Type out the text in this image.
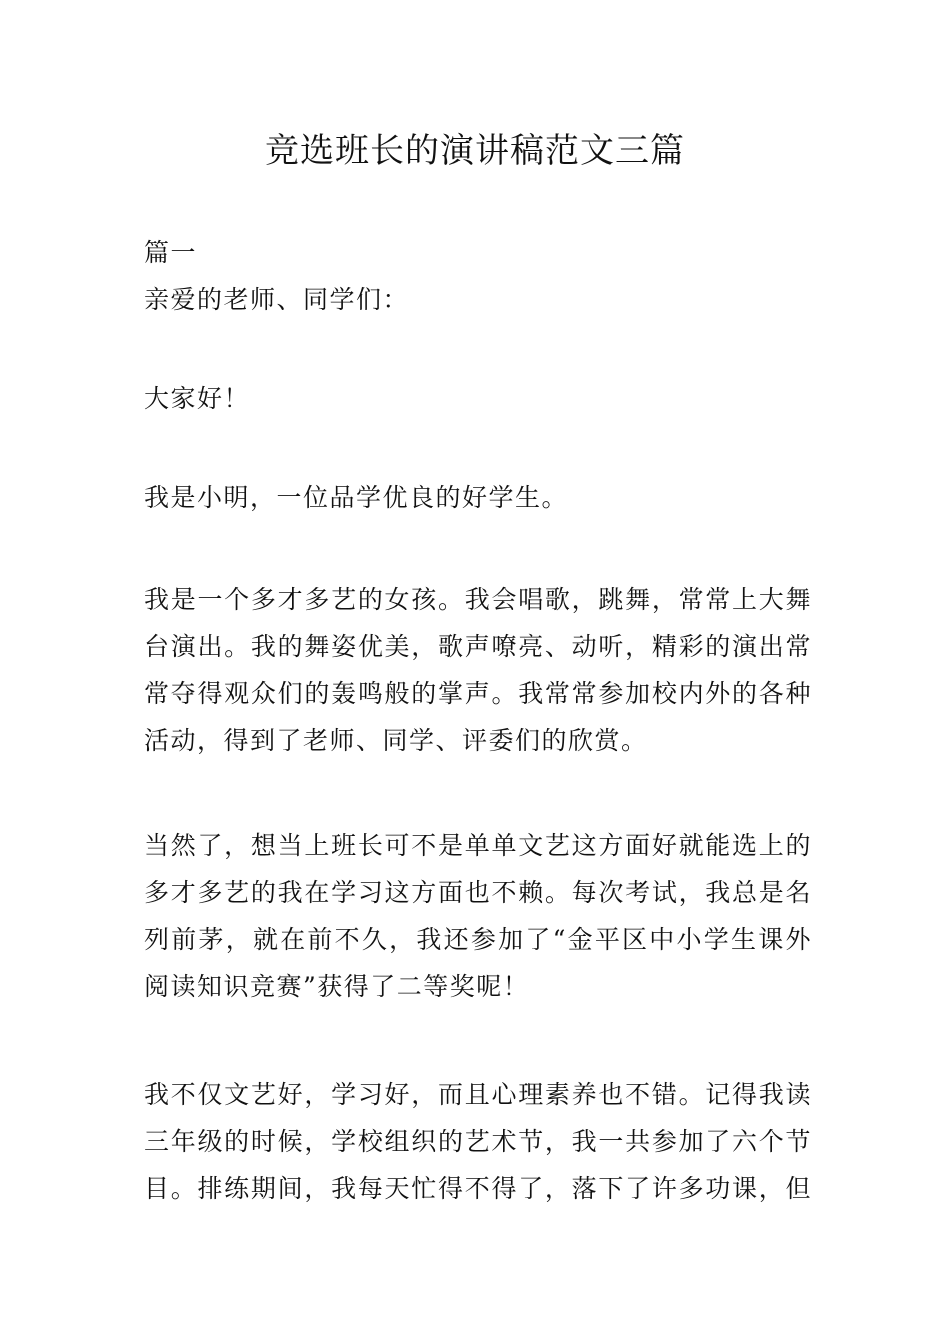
竞选班长的演讲稿范文三篇
篇一
亲爱的老师、同学们：
大家好！
我是小明，一位品学优良的好学生。
我是一个多才多艺的女孩。我会唱歌，跳舞，常常上大舞
台演出。我的舞姿优美，歌声嘹亮、动听，精彩的演出常
常夺得观众们的轰鸣般的掌声。我常常参加校内外的各种
活动，得到了老师、同学、评委们的欣赏。
当然了，想当上班长可不是单单文艺这方面好就能选上的
多才多艺的我在学习这方面也不赖。每次考试，我总是名
列前茅，就在前不久，我还参加了“金平区中小学生课外
阅读知识竞赛”获得了二等奖呢！
我不仅文艺好，学习好，而且心理素养也不错。记得我读
三年级的时候，学校组织的艺术节，我一共参加了六个节
目。排练期间，我每天忙得不得了，落下了许多功课，但
